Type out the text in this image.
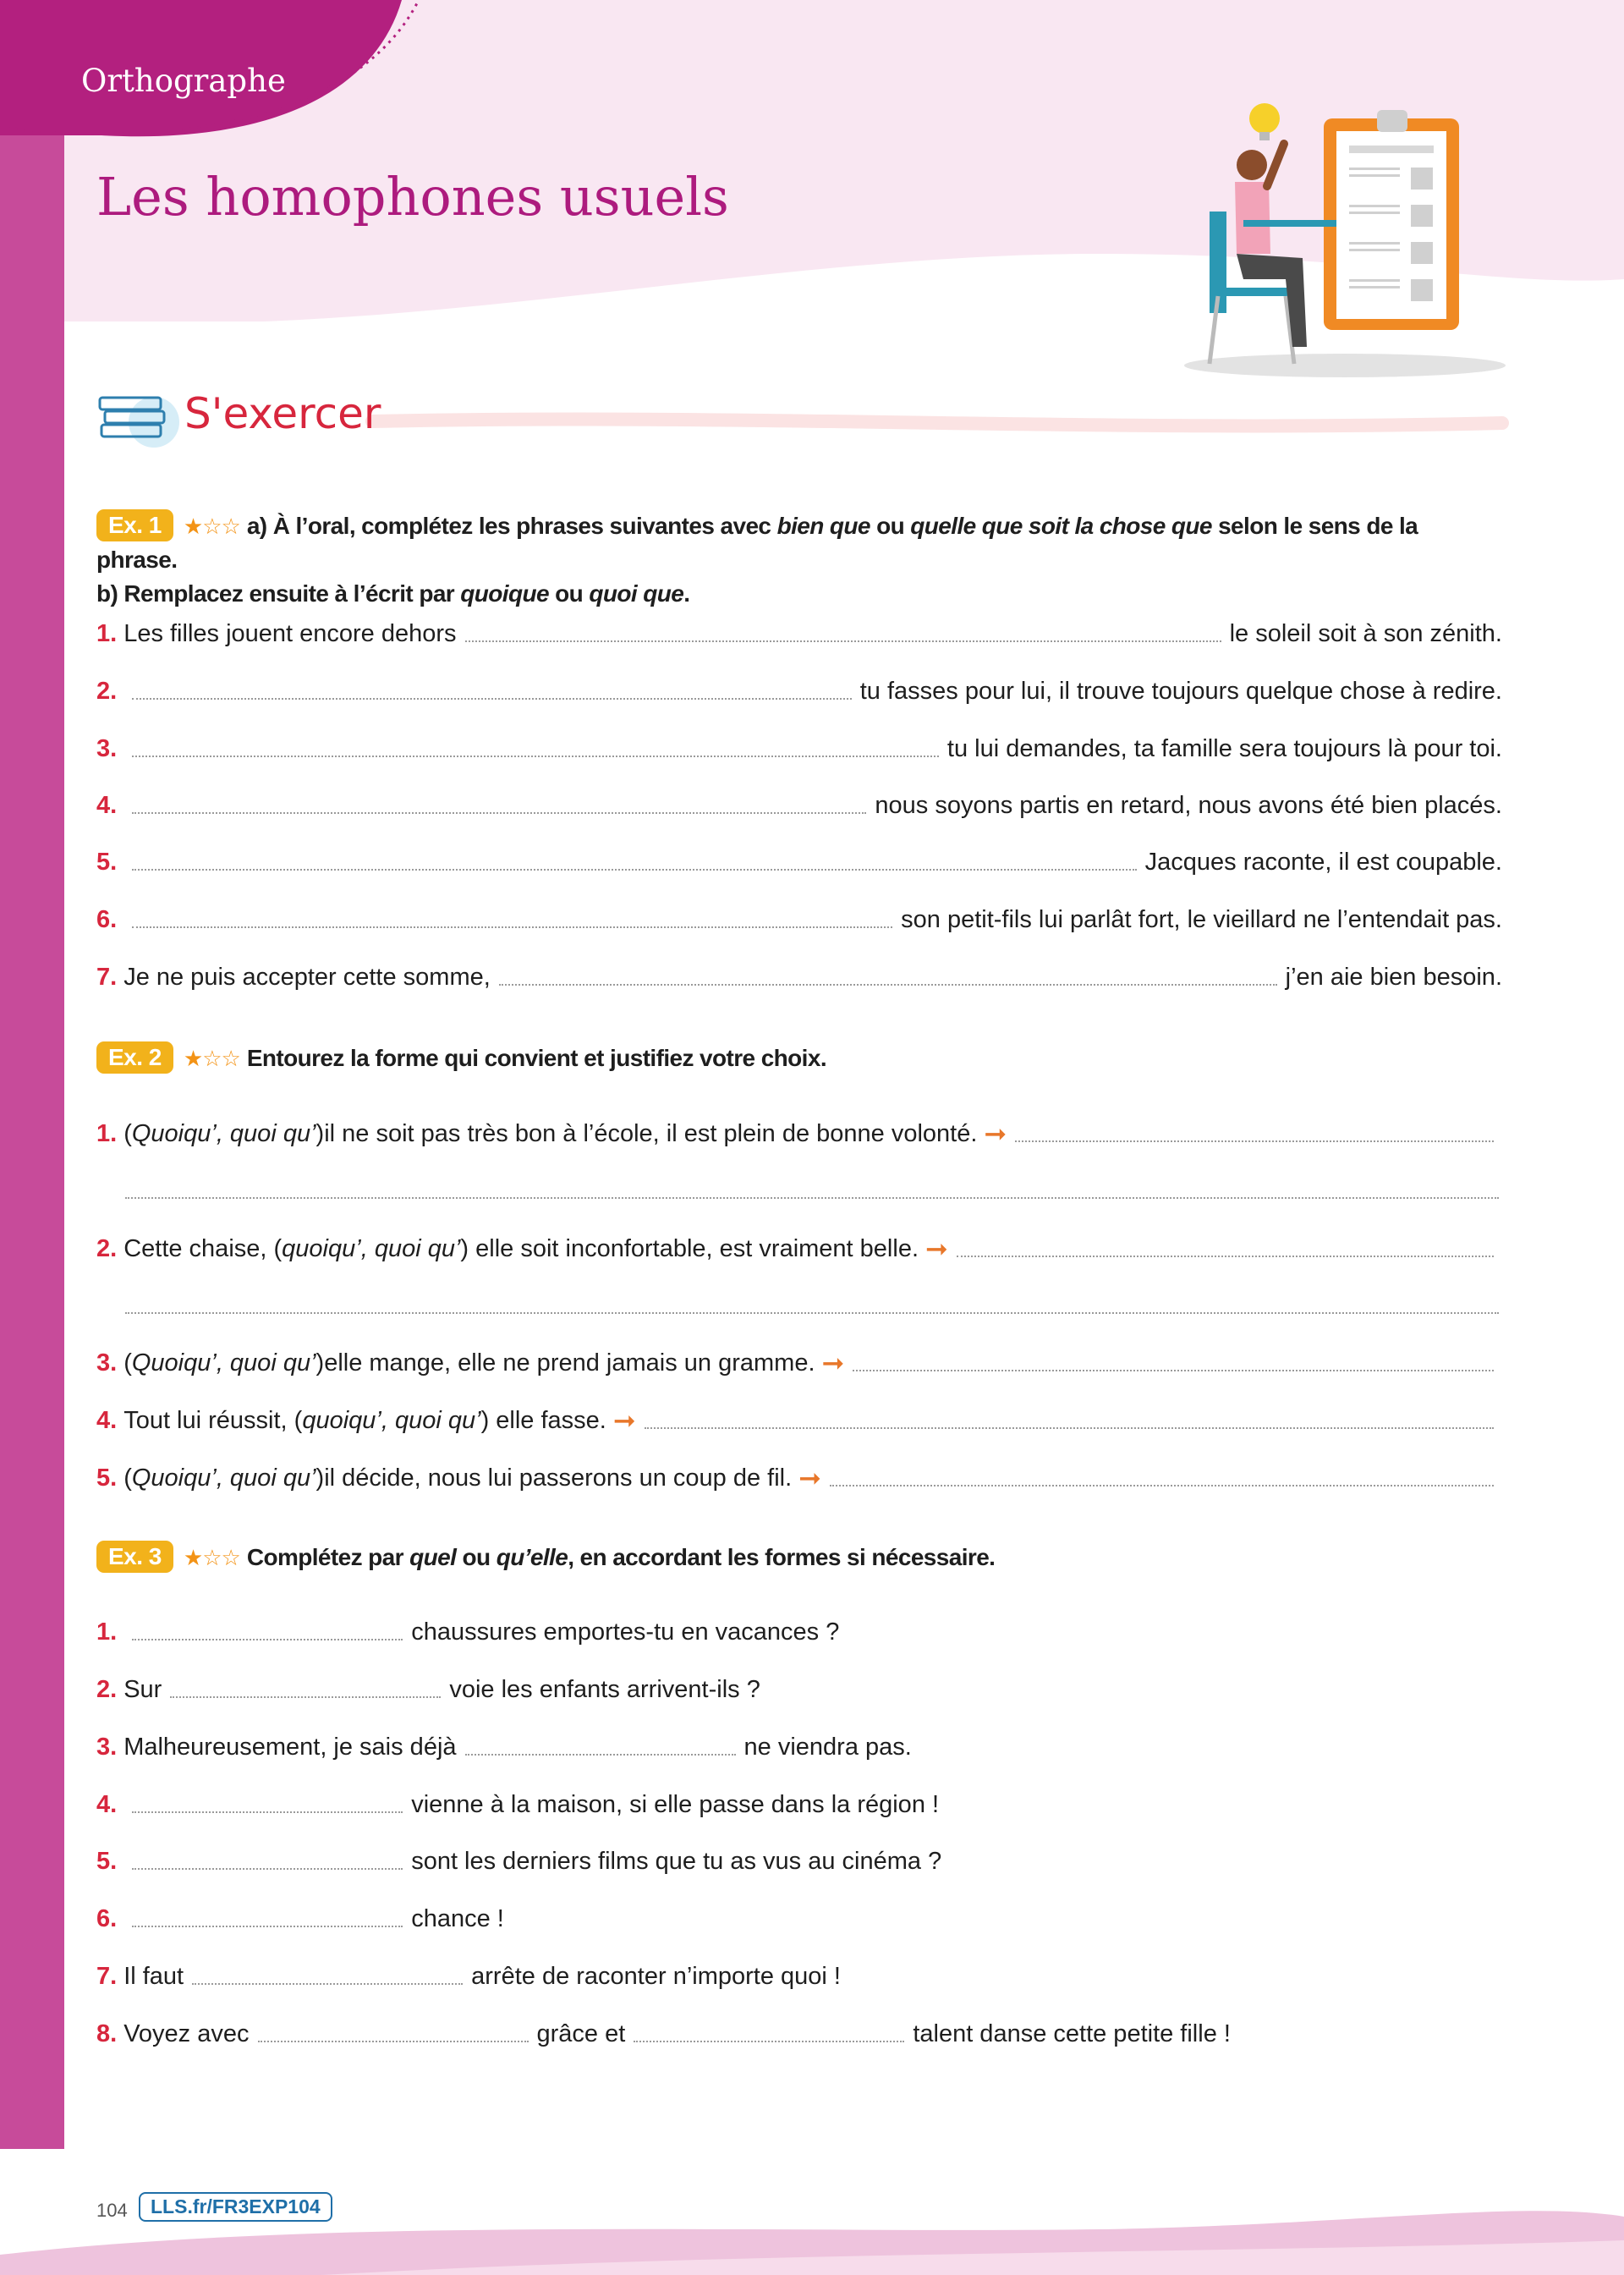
Orthographe
Les homophones usuels
S'exercer
Ex. 1 ★☆☆ a) À l’oral, complétez les phrases suivantes avec bien que ou quelle que soit la chose que selon le sens de la phrase.
b) Remplacez ensuite à l’écrit par quoique ou quoi que.
1. Les filles jouent encore dehors	le soleil soit à son zénith.
2.	tu fasses pour lui, il trouve toujours quelque chose à redire.
3.	tu lui demandes, ta famille sera toujours là pour toi.
4.	nous soyons partis en retard, nous avons été bien placés.
5.	Jacques raconte, il est coupable.
6.	son petit-fils lui parlât fort, le vieillard ne l’entendait pas.
7. Je ne puis accepter cette somme,	j’en aie bien besoin.
Ex. 2 ★☆☆ Entourez la forme qui convient et justifiez votre choix.
1. ( Quoiqu’, quoi qu’ ) il ne soit pas très bon à l’école, il est plein de bonne volonté. ➞
2. Cette chaise, ( quoiqu’, quoi qu’ ) elle soit inconfortable, est vraiment belle. ➞
3. ( Quoiqu’, quoi qu’ ) elle mange, elle ne prend jamais un gramme. ➞
4. Tout lui réussit, ( quoiqu’, quoi qu’ ) elle fasse. ➞
5. ( Quoiqu’, quoi qu’ ) il décide, nous lui passerons un coup de fil. ➞
Ex. 3 ★☆☆ Complétez par quel ou qu’elle, en accordant les formes si nécessaire.
1.	chaussures emportes-tu en vacances ?
2. Sur	voie les enfants arrivent-ils ?
3. Malheureusement, je sais déjà	ne viendra pas.
4.	vienne à la maison, si elle passe dans la région !
5.	sont les derniers films que tu as vus au cinéma ?
6.	chance !
7. Il faut	arrête de raconter n’importe quoi !
8. Voyez avec	grâce et	talent danse cette petite fille !
104	LLS.fr/FR3EXP104
